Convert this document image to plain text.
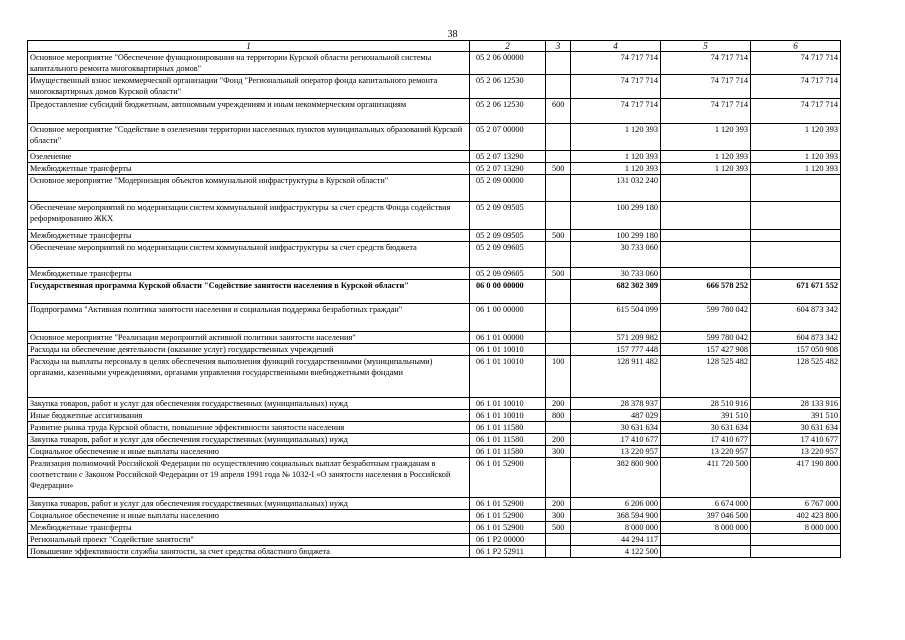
38
1	2	3	4	5	6
Основное мероприятие "Обеспечение функционирования на территории Курской области региональной системы капитального ремонта многоквартирных домов"	05 2 06 00000		74 717 714	74 717 714	74 717 714
Имущественный взнос некоммерческой организации "Фонд "Региональный оператор фонда капитального ремонта многоквартирных домов Курской области"	05 2 06 12530		74 717 714	74 717 714	74 717 714
Предоставление субсидий бюджетным, автономным учреждениям и иным некоммерческим организациям	05 2 06 12530	600	74 717 714	74 717 714	74 717 714
Основное мероприятие "Содействие в озеленении территории населенных пунктов муниципальных образований Курской области"	05 2 07 00000		1 120 393	1 120 393	1 120 393
Озеленение	05 2 07 13290		1 120 393	1 120 393	1 120 393
Межбюджетные трансферты	05 2 07 13290	500	1 120 393	1 120 393	1 120 393
Основное мероприятие "Модернизация объектов коммунальной инфраструктуры в Курской области"	05 2 09 00000		131 032 240		
Обеспечение мероприятий по модернизации систем коммунальной инфраструктуры за счет средств Фонда содействия реформированию ЖКХ	05 2 09 09505		100 299 180		
Межбюджетные трансферты	05 2 09 09505	500	100 299 180		
Обеспечение мероприятий по модернизации систем коммунальной инфраструктуры за счет средств бюджета	05 2 09 09605		30 733 060		
Межбюджетные трансферты	05 2 09 09605	500	30 733 060		
Государственная программа Курской области "Содействие занятости населения в Курской области"	06 0 00 00000		682 302 309	666 578 252	671 671 552
Подпрограмма "Активная политика занятости населения и социальная поддержка безработных граждан"	06 1 00 00000		615 504 099	599 780 042	604 873 342
Основное мероприятие "Реализация мероприятий активной политики занятости населения"	06 1 01 00000		571 209 982	599 780 042	604 873 342
Расходы на обеспечение деятельности (оказание услуг) государственных учреждений	06 1 01 10010		157 777 448	157 427 908	157 050 908
Расходы на выплаты персоналу в целях обеспечения выполнения функций государственными (муниципальными) органами, казенными учреждениями, органами управления государственными внебюджетными фондами	06 1 01 10010	100	128 911 482	128 525 482	128 525 482
Закупка товаров, работ и услуг для обеспечения государственных (муниципальных) нужд	06 1 01 10010	200	28 378 937	28 510 916	28 133 916
Иные бюджетные ассигнования	06 1 01 10010	800	487 029	391 510	391 510
Развитие рынка труда Курской области, повышение эффективности занятости населения	06 1 01 11580		30 631 634	30 631 634	30 631 634
Закупка товаров, работ и услуг для обеспечения государственных (муниципальных) нужд	06 1 01 11580	200	17 410 677	17 410 677	17 410 677
Социальное обеспечение и иные выплаты населению	06 1 01 11580	300	13 220 957	13 220 957	13 220 957
Реализация полномочий Российской Федерации по осуществлению социальных выплат безработным гражданам в соответствии с Законом Российской Федерации от 19 апреля 1991 года № 1032-I «О занятости населения в Российской Федерации»	06 1 01 52900		382 800 900	411 720 500	417 190 800
Закупка товаров, работ и услуг для обеспечения государственных (муниципальных) нужд	06 1 01 52900	200	6 206 000	6 674 000	6 767 000
Социальное обеспечение и иные выплаты населению	06 1 01 52900	300	368 594 900	397 046 500	402 423 800
Межбюджетные трансферты	06 1 01 52900	500	8 000 000	8 000 000	8 000 000
Региональный проект "Содействие занятости"	06 1 P2 00000		44 294 117		
Повышение эффективности службы занятости, за счет средства областного бюджета	06 1 P2 52911		4 122 500		
